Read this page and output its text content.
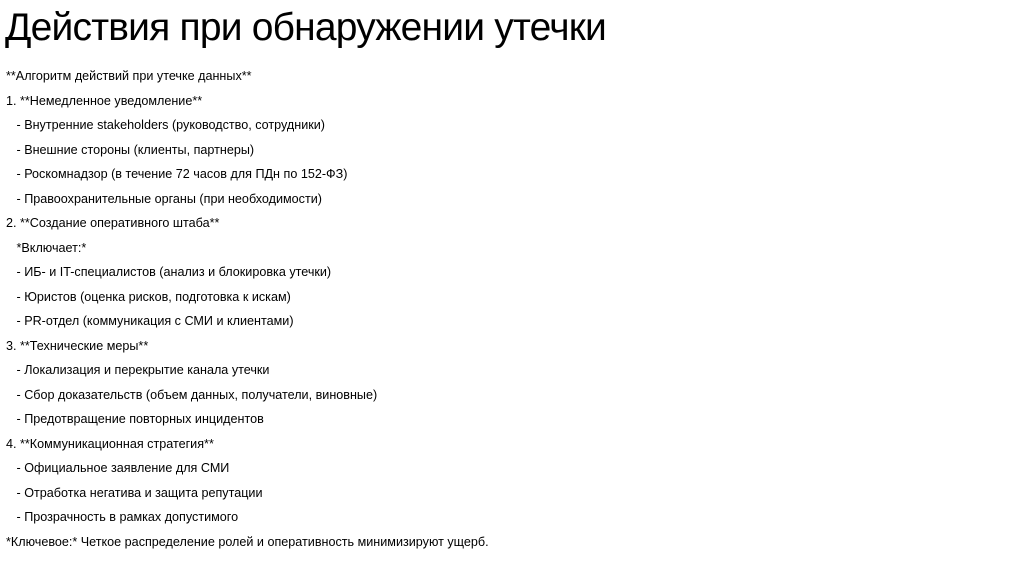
Действия при обнаружении утечки
**Алгоритм действий при утечке данных**
1. **Немедленное уведомление**
- Внутренние stakeholders (руководство, сотрудники)
- Внешние стороны (клиенты, партнеры)
- Роскомнадзор (в течение 72 часов для ПДн по 152-ФЗ)
- Правоохранительные органы (при необходимости)
2. **Создание оперативного штаба**
*Включает:*
- ИБ- и IT-специалистов (анализ и блокировка утечки)
- Юристов (оценка рисков, подготовка к искам)
- PR-отдел (коммуникация с СМИ и клиентами)
3. **Технические меры**
- Локализация и перекрытие канала утечки
- Сбор доказательств (объем данных, получатели, виновные)
- Предотвращение повторных инцидентов
4. **Коммуникационная стратегия**
- Официальное заявление для СМИ
- Отработка негатива и защита репутации
- Прозрачность в рамках допустимого
*Ключевое:* Четкое распределение ролей и оперативность минимизируют ущерб.
